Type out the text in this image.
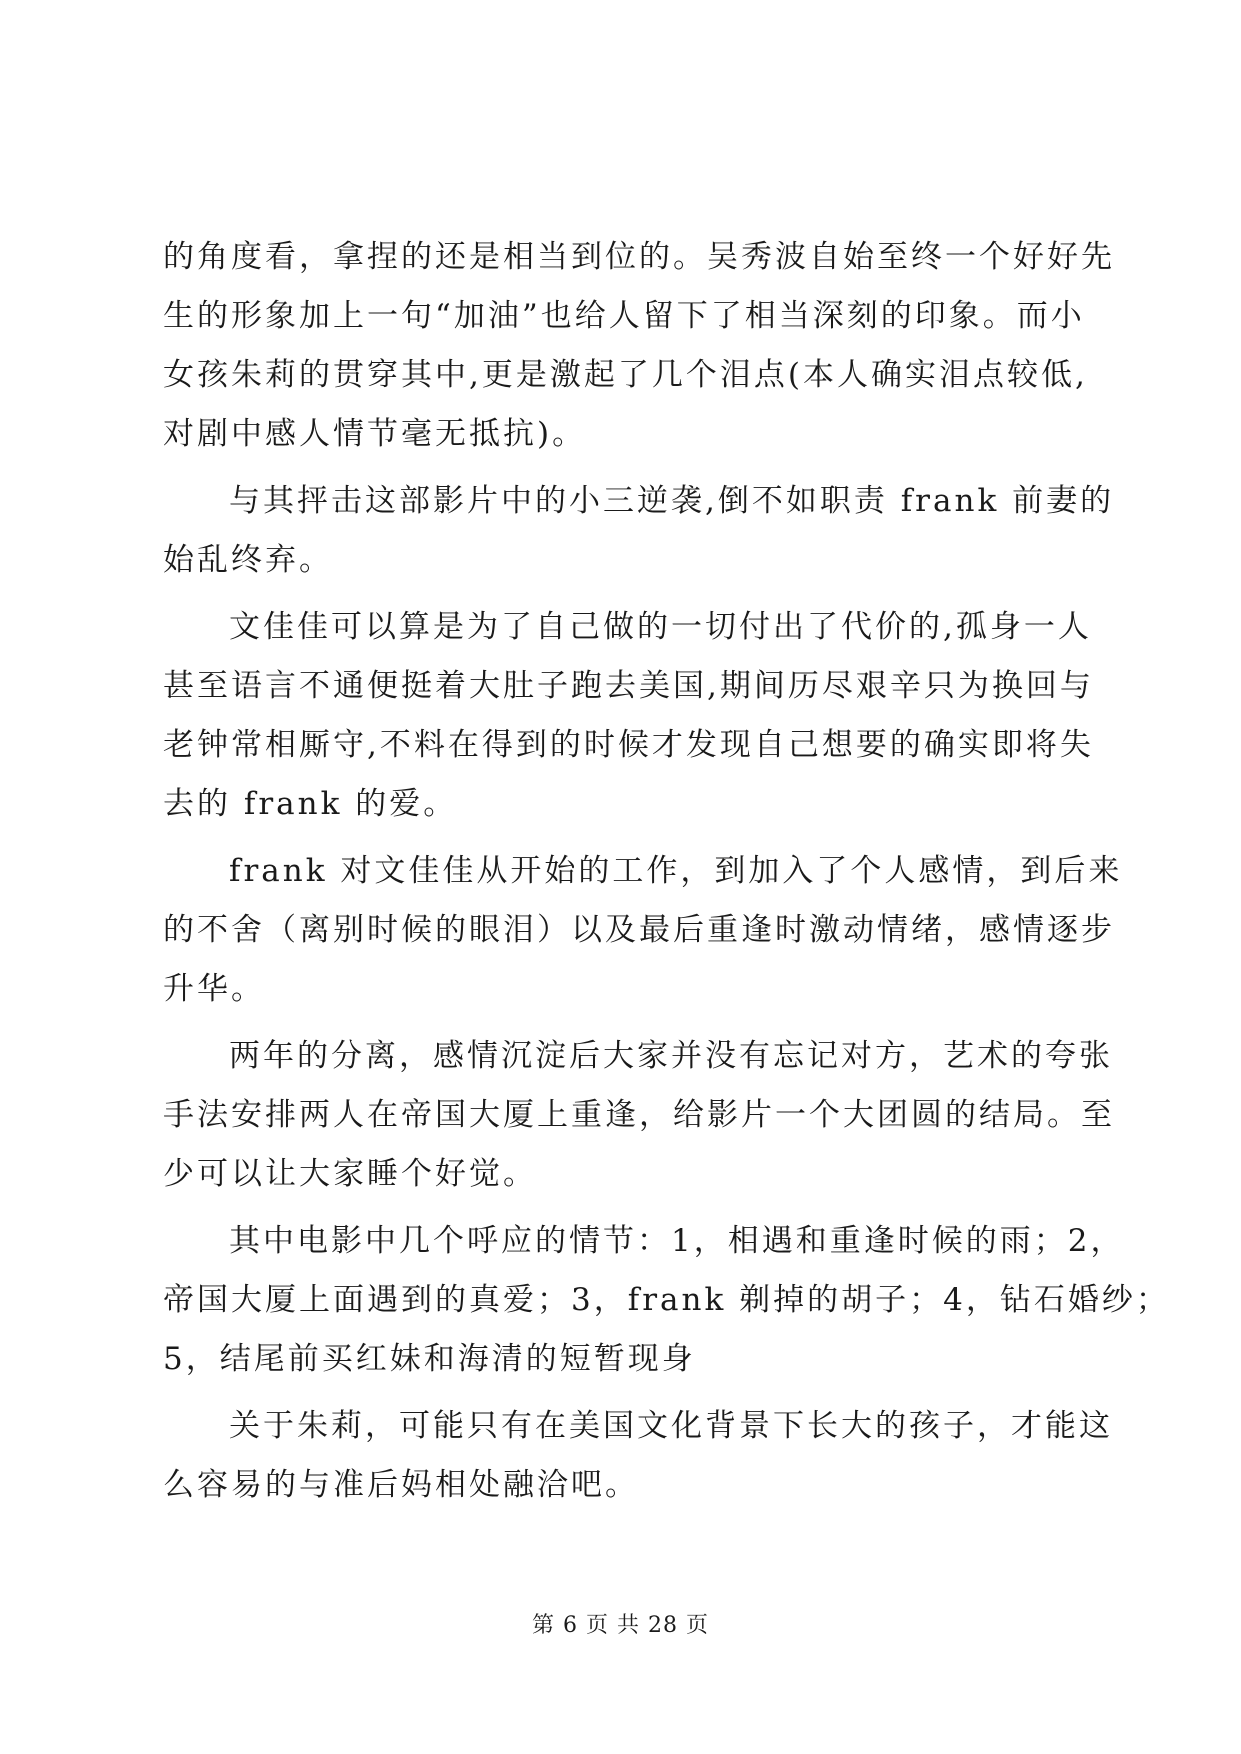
的角度看，拿捏的还是相当到位的。吴秀波自始至终一个好好先
生的形象加上一句“加油”也给人留下了相当深刻的印象。而小
女孩朱莉的贯穿其中,更是激起了几个泪点(本人确实泪点较低,
对剧中感人情节毫无抵抗)。

与其抨击这部影片中的小三逆袭,倒不如职责 frank 前妻的
始乱终弃。

文佳佳可以算是为了自己做的一切付出了代价的,孤身一人
甚至语言不通便挺着大肚子跑去美国,期间历尽艰辛只为换回与
老钟常相厮守,不料在得到的时候才发现自己想要的确实即将失
去的 frank 的爱。

frank 对文佳佳从开始的工作，到加入了个人感情，到后来
的不舍（离别时候的眼泪）以及最后重逢时激动情绪，感情逐步
升华。

两年的分离，感情沉淀后大家并没有忘记对方，艺术的夸张
手法安排两人在帝国大厦上重逢，给影片一个大团圆的结局。至
少可以让大家睡个好觉。

其中电影中几个呼应的情节：1，相遇和重逢时候的雨；2，
帝国大厦上面遇到的真爱；3，frank 剃掉的胡子；4，钻石婚纱；
5，结尾前买红妹和海清的短暂现身

关于朱莉，可能只有在美国文化背景下长大的孩子，才能这
么容易的与准后妈相处融洽吧。

第 6 页 共 28 页
